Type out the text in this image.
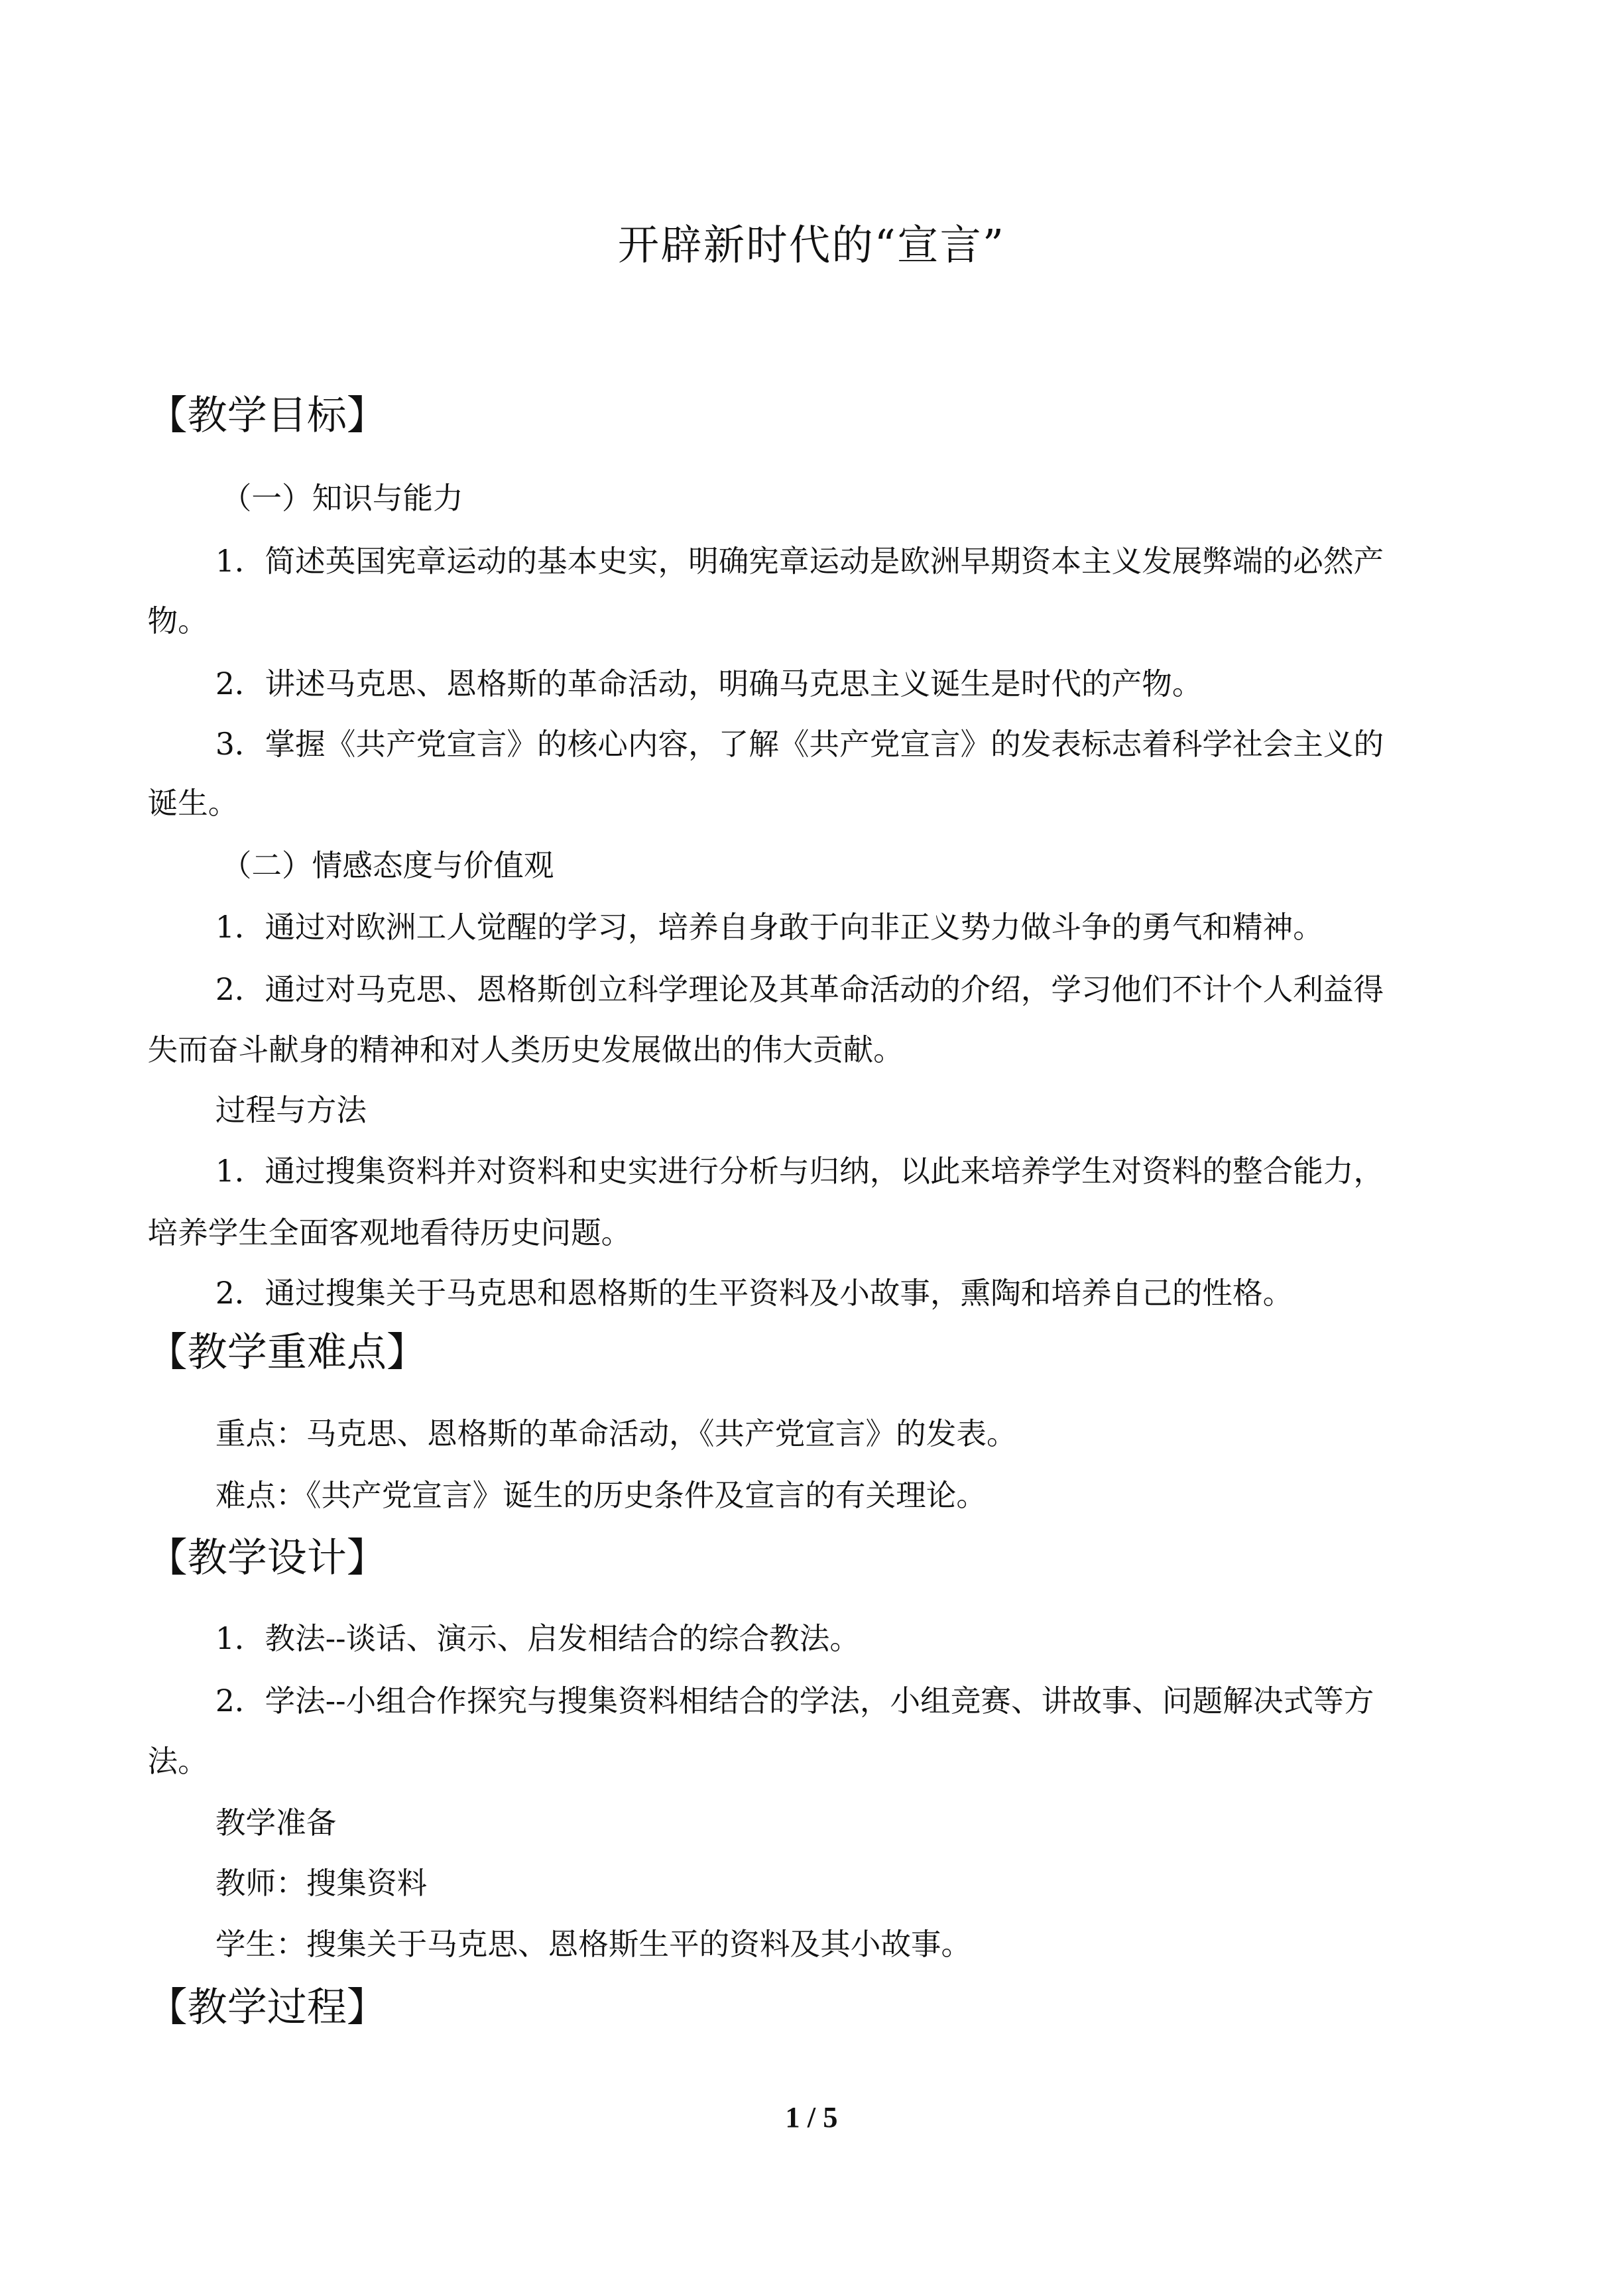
开辟新时代的“宣言”
【教学目标】

（一）知识与能力

1．简述英国宪章运动的基本史实，明确宪章运动是欧洲早期资本主义发展弊端的必然产

物。

2．讲述马克思、恩格斯的革命活动，明确马克思主义诞生是时代的产物。

3．掌握《共产党宣言》的核心内容，了解《共产党宣言》的发表标志着科学社会主义的

诞生。

（二）情感态度与价值观

1．通过对欧洲工人觉醒的学习，培养自身敢于向非正义势力做斗争的勇气和精神。

2．通过对马克思、恩格斯创立科学理论及其革命活动的介绍，学习他们不计个人利益得

失而奋斗献身的精神和对人类历史发展做出的伟大贡献。

过程与方法

1．通过搜集资料并对资料和史实进行分析与归纳，以此来培养学生对资料的整合能力，

培养学生全面客观地看待历史问题。

2．通过搜集关于马克思和恩格斯的生平资料及小故事，熏陶和培养自己的性格。

【教学重难点】

重点：马克思、恩格斯的革命活动，《共产党宣言》的发表。

难点：《共产党宣言》诞生的历史条件及宣言的有关理论。

【教学设计】

1．教法--谈话、演示、启发相结合的综合教法。

2．学法--小组合作探究与搜集资料相结合的学法，小组竞赛、讲故事、问题解决式等方

法。

教学准备

教师：搜集资料

学生：搜集关于马克思、恩格斯生平的资料及其小故事。

【教学过程】
1 / 5
